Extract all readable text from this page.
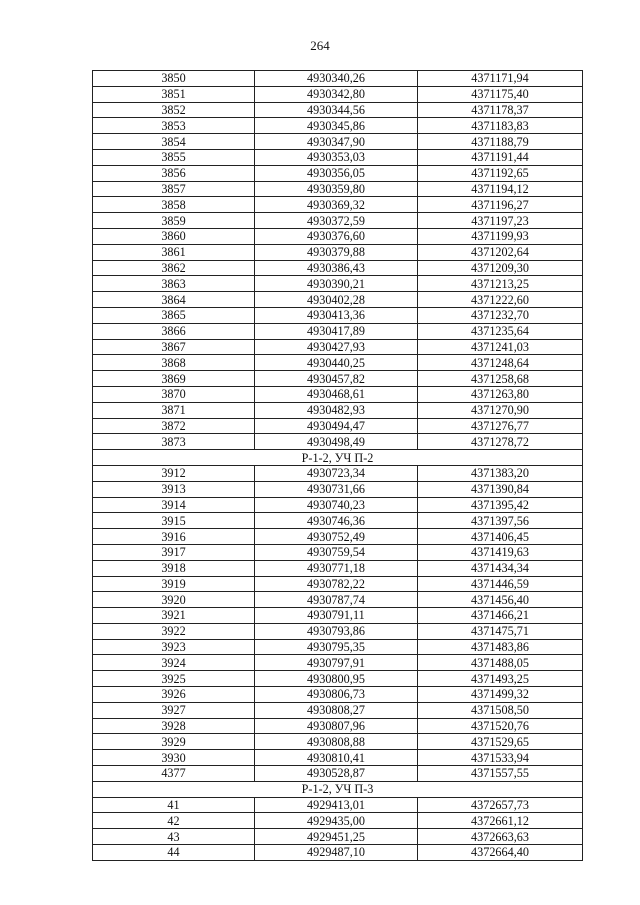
264
3850	4930340,26	4371171,94
3851	4930342,80	4371175,40
3852	4930344,56	4371178,37
3853	4930345,86	4371183,83
3854	4930347,90	4371188,79
3855	4930353,03	4371191,44
3856	4930356,05	4371192,65
3857	4930359,80	4371194,12
3858	4930369,32	4371196,27
3859	4930372,59	4371197,23
3860	4930376,60	4371199,93
3861	4930379,88	4371202,64
3862	4930386,43	4371209,30
3863	4930390,21	4371213,25
3864	4930402,28	4371222,60
3865	4930413,36	4371232,70
3866	4930417,89	4371235,64
3867	4930427,93	4371241,03
3868	4930440,25	4371248,64
3869	4930457,82	4371258,68
3870	4930468,61	4371263,80
3871	4930482,93	4371270,90
3872	4930494,47	4371276,77
3873	4930498,49	4371278,72
Р-1-2, УЧ П-2		
3912	4930723,34	4371383,20
3913	4930731,66	4371390,84
3914	4930740,23	4371395,42
3915	4930746,36	4371397,56
3916	4930752,49	4371406,45
3917	4930759,54	4371419,63
3918	4930771,18	4371434,34
3919	4930782,22	4371446,59
3920	4930787,74	4371456,40
3921	4930791,11	4371466,21
3922	4930793,86	4371475,71
3923	4930795,35	4371483,86
3924	4930797,91	4371488,05
3925	4930800,95	4371493,25
3926	4930806,73	4371499,32
3927	4930808,27	4371508,50
3928	4930807,96	4371520,76
3929	4930808,88	4371529,65
3930	4930810,41	4371533,94
4377	4930528,87	4371557,55
Р-1-2, УЧ П-3		
41	4929413,01	4372657,73
42	4929435,00	4372661,12
43	4929451,25	4372663,63
44	4929487,10	4372664,40
